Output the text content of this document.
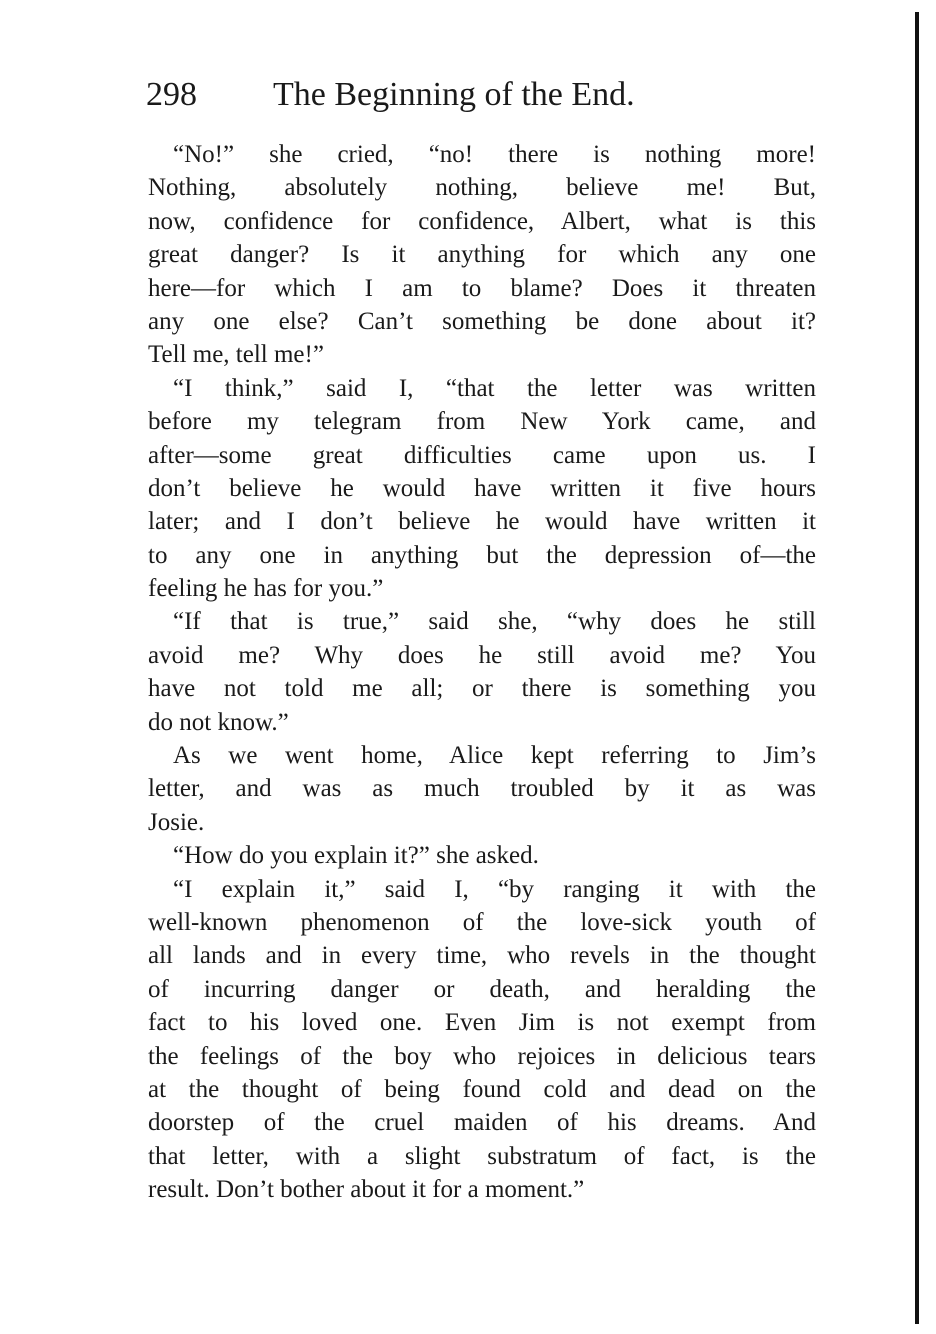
298 The Beginning of the End.
“No!” she cried, “no! there is nothing more!
Nothing, absolutely nothing, believe me! But,
now, confidence for confidence, Albert, what is this
great danger? Is it anything for which any one
here—for which I am to blame? Does it threaten
any one else? Can’t something be done about it?
Tell me, tell me!”
“I think,” said I, “that the letter was written
before my telegram from New York came, and
after—some great difficulties came upon us. I
don’t believe he would have written it five hours
later; and I don’t believe he would have written it
to any one in anything but the depression of—the
feeling he has for you.”
“If that is true,” said she, “why does he still
avoid me? Why does he still avoid me? You
have not told me all; or there is something you
do not know.”
As we went home, Alice kept referring to Jim’s
letter, and was as much troubled by it as was
Josie.
“How do you explain it?” she asked.
“I explain it,” said I, “by ranging it with the
well-known phenomenon of the love-sick youth of
all lands and in every time, who revels in the thought
of incurring danger or death, and heralding the
fact to his loved one. Even Jim is not exempt from
the feelings of the boy who rejoices in delicious tears
at the thought of being found cold and dead on the
doorstep of the cruel maiden of his dreams. And
that letter, with a slight substratum of fact, is the
result. Don’t bother about it for a moment.”
